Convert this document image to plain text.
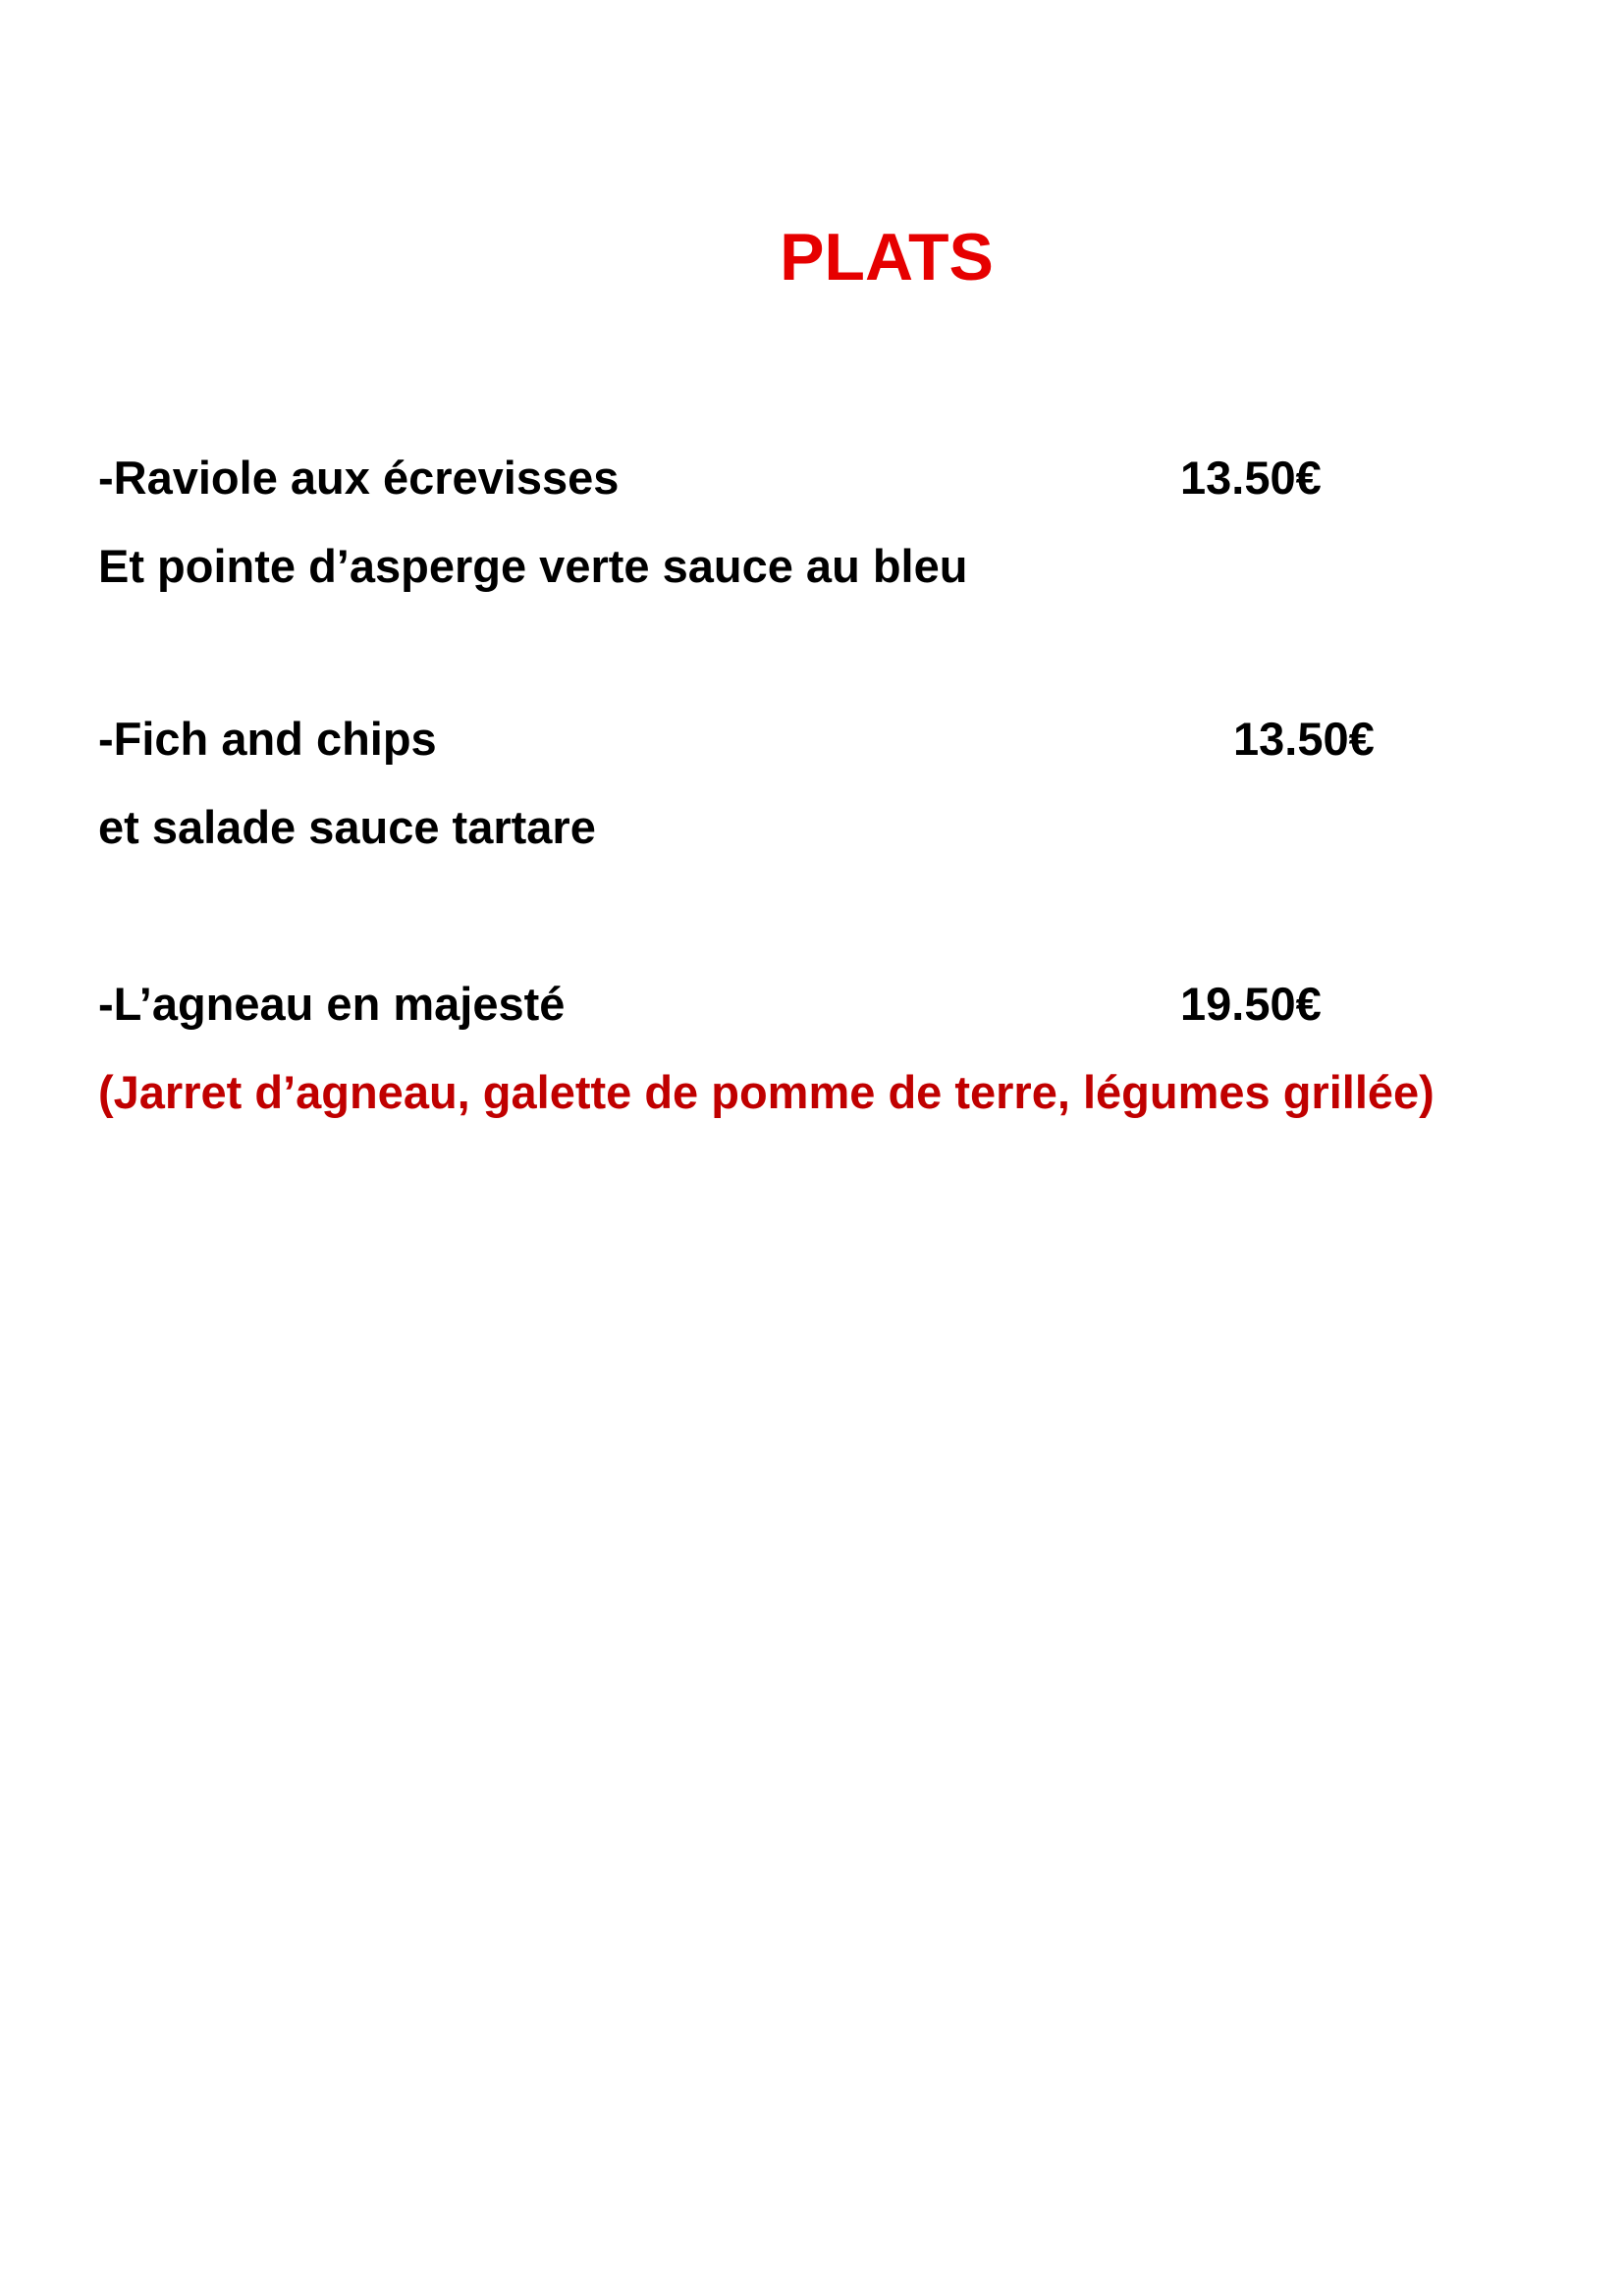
PLATS
-Raviole aux écrevisses	13.50€
Et pointe d’asperge verte sauce au bleu
-Fich and chips	13.50€
et salade sauce tartare
-L’agneau en majesté	19.50€
(Jarret d’agneau, galette de pomme de terre, légumes grillée)
